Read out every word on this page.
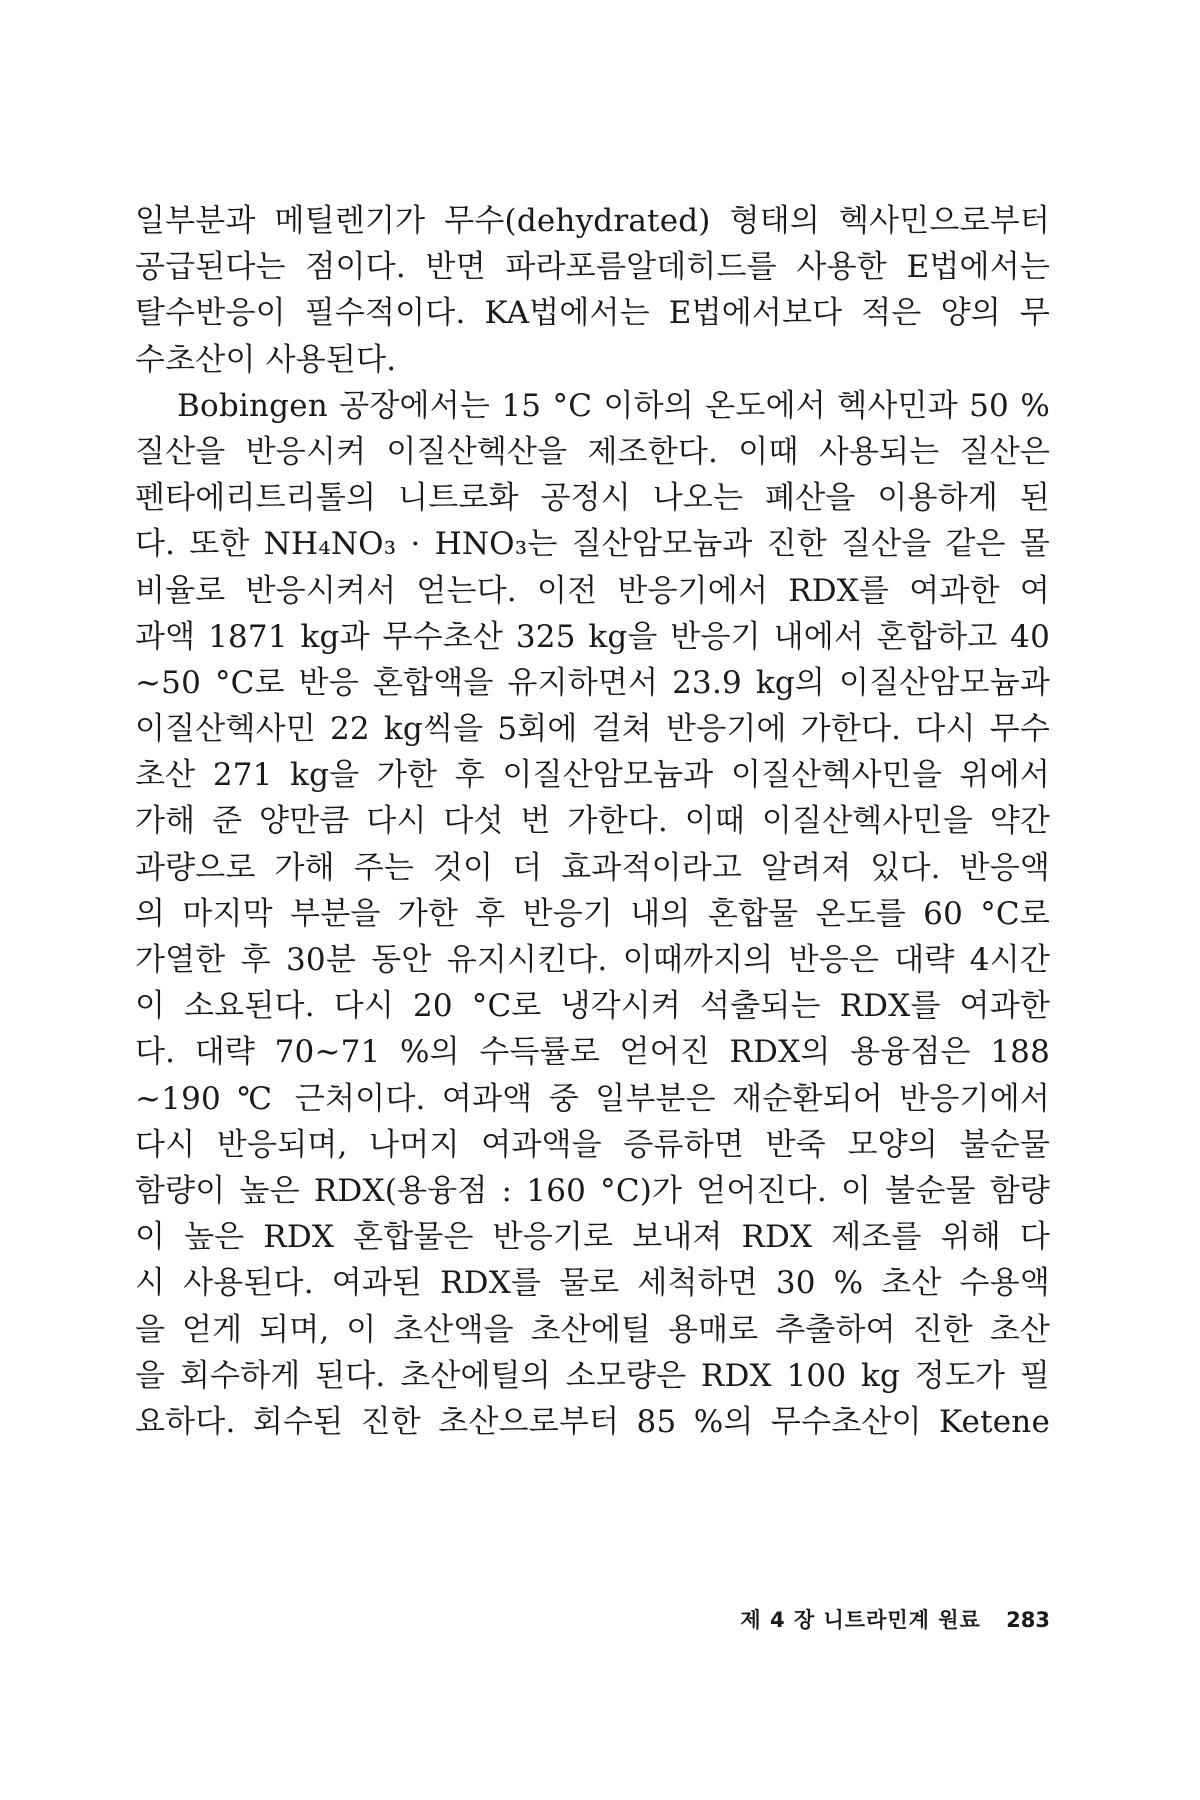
일부분과 메틸렌기가 무수(dehydrated) 형태의 헥사민으로부터
공급된다는 점이다. 반면 파라포름알데히드를 사용한 E법에서는
탈수반응이 필수적이다. KA법에서는 E법에서보다 적은 양의 무
수초산이 사용된다.
Bobingen 공장에서는 15 °C 이하의 온도에서 헥사민과 50 %
질산을 반응시켜 이질산헥산을 제조한다. 이때 사용되는 질산은
펜타에리트리톨의 니트로화 공정시 나오는 폐산을 이용하게 된
다. 또한 NH₄NO₃ · HNO₃는 질산암모늄과 진한 질산을 같은 몰
비율로 반응시켜서 얻는다. 이전 반응기에서 RDX를 여과한 여
과액 1871 kg과 무수초산 325 kg을 반응기 내에서 혼합하고 40
~50 °C로 반응 혼합액을 유지하면서 23.9 kg의 이질산암모늄과
이질산헥사민 22 kg씩을 5회에 걸쳐 반응기에 가한다. 다시 무수
초산 271 kg을 가한 후 이질산암모늄과 이질산헥사민을 위에서
가해 준 양만큼 다시 다섯 번 가한다. 이때 이질산헥사민을 약간
과량으로 가해 주는 것이 더 효과적이라고 알려져 있다. 반응액
의 마지막 부분을 가한 후 반응기 내의 혼합물 온도를 60 °C로
가열한 후 30분 동안 유지시킨다. 이때까지의 반응은 대략 4시간
이 소요된다. 다시 20 °C로 냉각시켜 석출되는 RDX를 여과한
다. 대략 70~71 %의 수득률로 얻어진 RDX의 용융점은 188
~190 ℃ 근처이다. 여과액 중 일부분은 재순환되어 반응기에서
다시 반응되며, 나머지 여과액을 증류하면 반죽 모양의 불순물
함량이 높은 RDX(용융점 : 160 °C)가 얻어진다. 이 불순물 함량
이 높은 RDX 혼합물은 반응기로 보내져 RDX 제조를 위해 다
시 사용된다. 여과된 RDX를 물로 세척하면 30 % 초산 수용액
을 얻게 되며, 이 초산액을 초산에틸 용매로 추출하여 진한 초산
을 회수하게 된다. 초산에틸의 소모량은 RDX 100 kg 정도가 필
요하다. 회수된 진한 초산으로부터 85 %의 무수초산이 Ketene
제 4 장 니트라민계 원료 283
